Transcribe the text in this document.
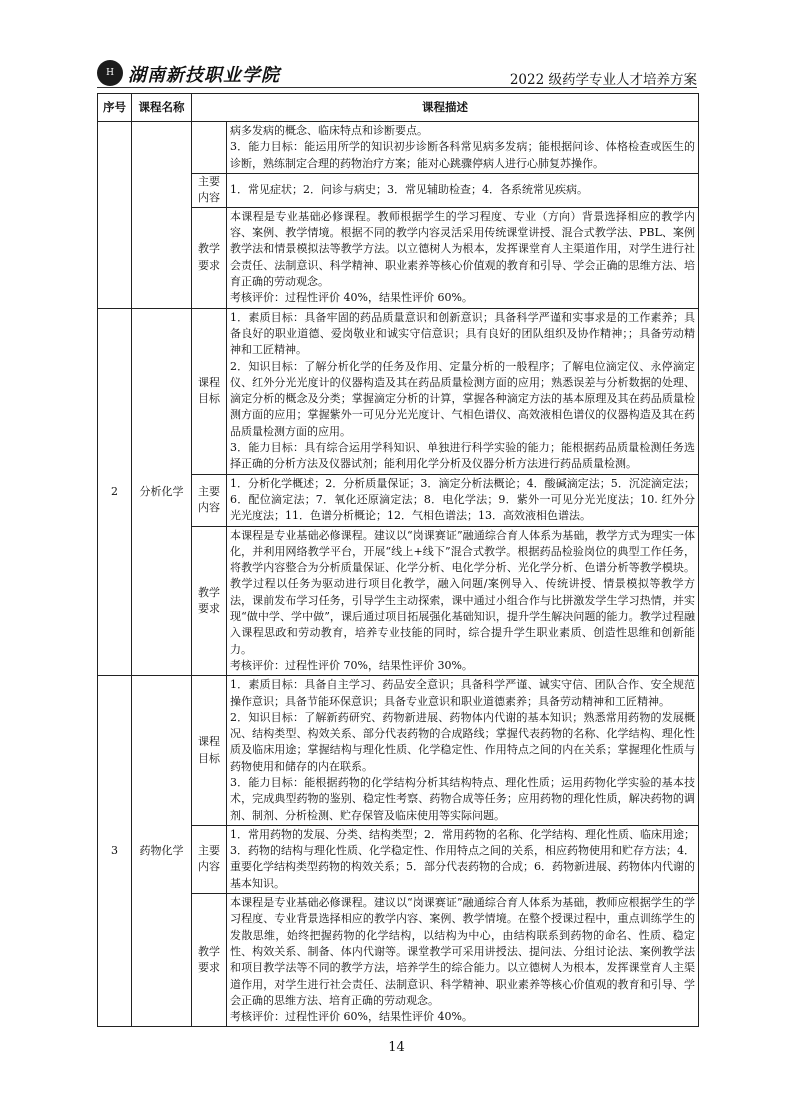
H 湖南新技职业学院	2022 级药学专业人才培养方案
序号	课程名称	课程描述	

			病多发病的概念、临床特点和诊断要点。

3．能力目标：能运用所学的知识初步诊断各科常见病多发病；能根据问诊、体格检查或医生的诊断，熟练制定合理的药物治疗方案；能对心跳骤停病人进行心肺复苏操作。

		主要内容	1．常见症状；2．问诊与病史；3．常见辅助检查；4．各系统常见疾病。
		教学要求	本课程是专业基础必修课程。教师根据学生的学习程度、专业（方向）背景选择相应的教学内容、案例、教学情境。根据不同的教学内容灵活采用传统课堂讲授、混合式教学法、PBL、案例教学法和情景模拟法等教学方法。以立德树人为根本，发挥课堂育人主渠道作用，对学生进行社会责任、法制意识、科学精神、职业素养等核心价值观的教育和引导、学会正确的思维方法、培育正确的劳动观念。

考核评价：过程性评价 40%，结果性评价 60%。

2	分析化学	课程目标	1．素质目标：具备牢固的药品质量意识和创新意识；具备科学严谨和实事求是的工作素养；具备良好的职业道德、爱岗敬业和诚实守信意识；具有良好的团队组织及协作精神；；具备劳动精神和工匠精神。

2．知识目标：了解分析化学的任务及作用、定量分析的一般程序；了解电位滴定仪、永停滴定仪、红外分光光度计的仪器构造及其在药品质量检测方面的应用；熟悉误差与分析数据的处理、滴定分析的概念及分类；掌握滴定分析的计算，掌握各种滴定方法的基本原理及其在药品质量检测方面的应用；掌握紫外一可见分光光度计、气相色谱仪、高效液相色谱仪的仪器构造及其在药品质量检测方面的应用。

3．能力目标：具有综合运用学科知识、单独进行科学实验的能力；能根据药品质量检测任务选择正确的分析方法及仪器试剂；能利用化学分析及仪器分析方法进行药品质量检测。

		主要内容	1．分析化学概述；2．分析质量保证；3．滴定分析法概论；4．酸碱滴定法；5．沉淀滴定法；6．配位滴定法；7．氧化还原滴定法；8．电化学法；9．紫外一可见分光光度法；10. 红外分光光度法；11．色谱分析概论；12．气相色谱法；13．高效液相色谱法。
		教学要求	本课程是专业基础必修课程。建议以“岗课赛证”融通综合育人体系为基础，教学方式为理实一体化，并利用网络教学平台，开展“线上+线下”混合式教学。根据药品检验岗位的典型工作任务，将教学内容整合为分析质量保证、化学分析、电化学分析、光化学分析、色谱分析等教学模块。教学过程以任务为驱动进行项目化教学，融入问题/案例导入、传统讲授、情景模拟等教学方法，课前发布学习任务，引导学生主动探索，课中通过小组合作与比拼激发学生学习热情，并实现“做中学、学中做”，课后通过项目拓展强化基础知识，提升学生解决问题的能力。教学过程融入课程思政和劳动教育，培养专业技能的同时，综合提升学生职业素质、创造性思维和创新能力。

考核评价：过程性评价 70%，结果性评价 30%。

3	药物化学	课程目标	1．素质目标：具备自主学习、药品安全意识；具备科学严谨、诚实守信、团队合作、安全规范操作意识；具备节能环保意识；具备专业意识和职业道德素养；具备劳动精神和工匠精神。

2．知识目标：了解新药研究、药物新进展、药物体内代谢的基本知识；熟悉常用药物的发展概况、结构类型、构效关系、部分代表药物的合成路线；掌握代表药物的名称、化学结构、理化性质及临床用途；掌握结构与理化性质、化学稳定性、作用特点之间的内在关系；掌握理化性质与药物使用和储存的内在联系。

3．能力目标：能根据药物的化学结构分析其结构特点、理化性质；运用药物化学实验的基本技术，完成典型药物的鉴别、稳定性考察、药物合成等任务；应用药物的理化性质，解决药物的调剂、制剂、分析检测、贮存保管及临床使用等实际问题。

		主要内容	1．常用药物的发展、分类、结构类型；2．常用药物的名称、化学结构、理化性质、临床用途；3．药物的结构与理化性质、化学稳定性、作用特点之间的关系，相应药物使用和贮存方法；4．重要化学结构类型药物的构效关系；5．部分代表药物的合成；6．药物新进展、药物体内代谢的基本知识。
		教学要求	本课程是专业基础必修课程。建议以“岗课赛证”融通综合育人体系为基础，教师应根据学生的学习程度、专业背景选择相应的教学内容、案例、教学情境。在整个授课过程中，重点训练学生的发散思维，始终把握药物的化学结构，以结构为中心，由结构联系到药物的命名、性质、稳定性、构效关系、制备、体内代谢等。课堂教学可采用讲授法、提问法、分组讨论法、案例教学法和项目教学法等不同的教学方法，培养学生的综合能力。以立德树人为根本，发挥课堂育人主渠道作用，对学生进行社会责任、法制意识、科学精神、职业素养等核心价值观的教育和引导、学会正确的思维方法、培育正确的劳动观念。

考核评价：过程性评价 60%，结果性评价 40%。

14
